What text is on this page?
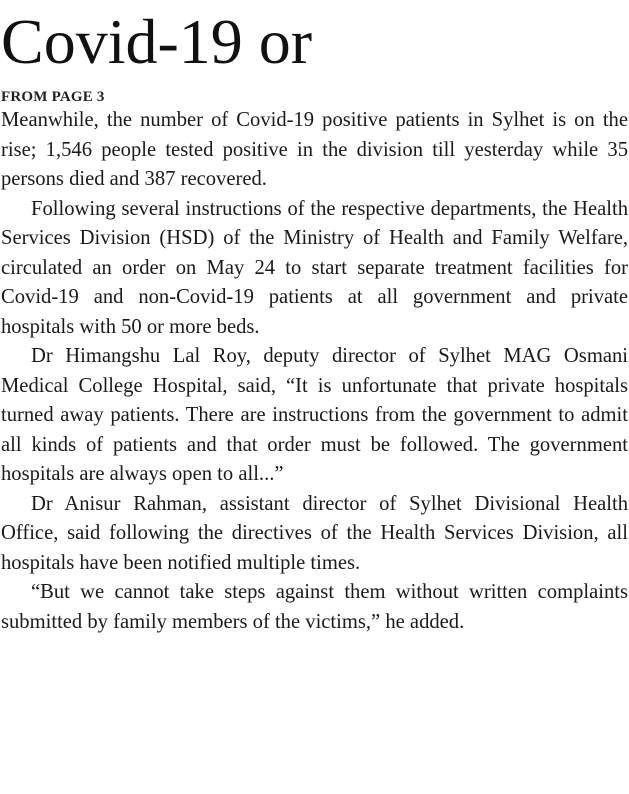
Covid-19 or
FROM PAGE 3

Meanwhile, the number of Covid-19 positive patients in Sylhet is on the rise; 1,546 people tested positive in the division till yesterday while 35 persons died and 387 recovered.

Following several instructions of the respective departments, the Health Services Division (HSD) of the Ministry of Health and Family Welfare, circulated an order on May 24 to start separate treatment facilities for Covid-19 and non-Covid-19 patients at all government and private hospitals with 50 or more beds.

Dr Himangshu Lal Roy, deputy director of Sylhet MAG Osmani Medical College Hospital, said, “It is unfortunate that private hospitals turned away patients. There are instructions from the government to admit all kinds of patients and that order must be followed. The government hospitals are always open to all...”

Dr Anisur Rahman, assistant director of Sylhet Divisional Health Office, said following the directives of the Health Services Division, all hospitals have been notified multiple times.

“But we cannot take steps against them without written complaints submitted by family members of the victims,” he added.
